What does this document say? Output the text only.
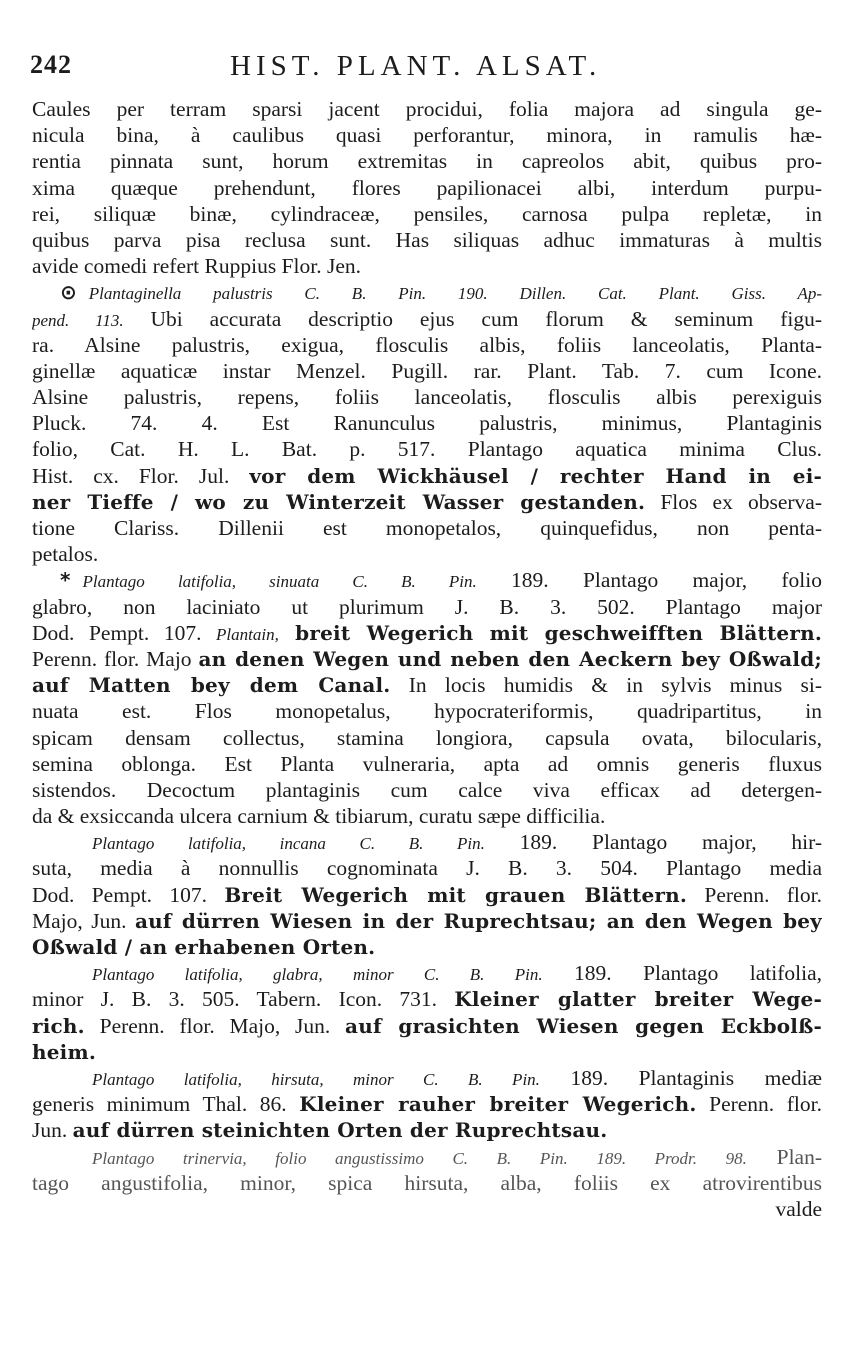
242	HIST. PLANT. ALSAT.
Caules per terram sparsi jacent procidui, folia majora ad singula ge-
nicula bina, à caulibus quasi perforantur, minora, in ramulis hæ-
rentia pinnata sunt, horum extremitas in capreolos abit, quibus pro-
xima quæque prehendunt, flores papilionacei albi, interdum purpu-
rei, siliquæ binæ, cylindraceæ, pensiles, carnosa pulpa repletæ, in
quibus parva pisa reclusa sunt. Has siliquas adhuc immaturas à multis
avide comedi refert Ruppius Flor. Jen.
⊙ Plantaginella palustris C. B. Pin. 190. Dillen. Cat. Plant. Giss. Ap-
pend. 113. Ubi accurata descriptio ejus cum florum & seminum figu-
ra. Alsine palustris, exigua, flosculis albis, foliis lanceolatis, Planta-
ginellæ aquaticæ instar Menzel. Pugill. rar. Plant. Tab. 7. cum Icone.
Alsine palustris, repens, foliis lanceolatis, flosculis albis perexiguis
Pluck. 74. 4. Est Ranunculus palustris, minimus, Plantaginis
folio, Cat. H. L. Bat. p. 517. Plantago aquatica minima Clus.
Hist. cx. Flor. Jul. vor dem Wickhäusel / rechter Hand in ei-
ner Tieffe / wo zu Winterzeit Wasser gestanden. Flos ex observa-
tione Clariss. Dillenii est monopetalos, quinquefidus, non penta-
petalos.
* Plantago latifolia, sinuata C. B. Pin. 189. Plantago major, folio
glabro, non laciniato ut plurimum J. B. 3. 502. Plantago major
Dod. Pempt. 107. Plantain, breit Wegerich mit geschweifften Blättern.
Perenn. flor. Majo an denen Wegen und neben den Aeckern bey Oßwald;
auf Matten bey dem Canal. In locis humidis & in sylvis minus si-
nuata est. Flos monopetalus, hypocrateriformis, quadripartitus, in
spicam densam collectus, stamina longiora, capsula ovata, bilocularis,
semina oblonga. Est Planta vulneraria, apta ad omnis generis fluxus
sistendos. Decoctum plantaginis cum calce viva efficax ad detergen-
da & exsiccanda ulcera carnium & tibiarum, curatu sæpe difficilia.
Plantago latifolia, incana C. B. Pin. 189. Plantago major, hir-
suta, media à nonnullis cognominata J. B. 3. 504. Plantago media
Dod. Pempt. 107. Breit Wegerich mit grauen Blättern. Perenn. flor.
Majo, Jun. auf dürren Wiesen in der Ruprechtsau; an den Wegen bey
Oßwald / an erhabenen Orten.
Plantago latifolia, glabra, minor C. B. Pin. 189. Plantago latifolia,
minor J. B. 3. 505. Tabern. Icon. 731. Kleiner glatter breiter Wege-
rich. Perenn. flor. Majo, Jun. auf grasichten Wiesen gegen Eckbolß-
heim.
Plantago latifolia, hirsuta, minor C. B. Pin. 189. Plantaginis mediæ
generis minimum Thal. 86. Kleiner rauher breiter Wegerich. Perenn. flor.
Jun. auf dürren steinichten Orten der Ruprechtsau.
Plantago trinervia, folio angustissimo C. B. Pin. 189. Prodr. 98. Plan-
tago angustifolia, minor, spica hirsuta, alba, foliis ex atrovirentibus
valde
